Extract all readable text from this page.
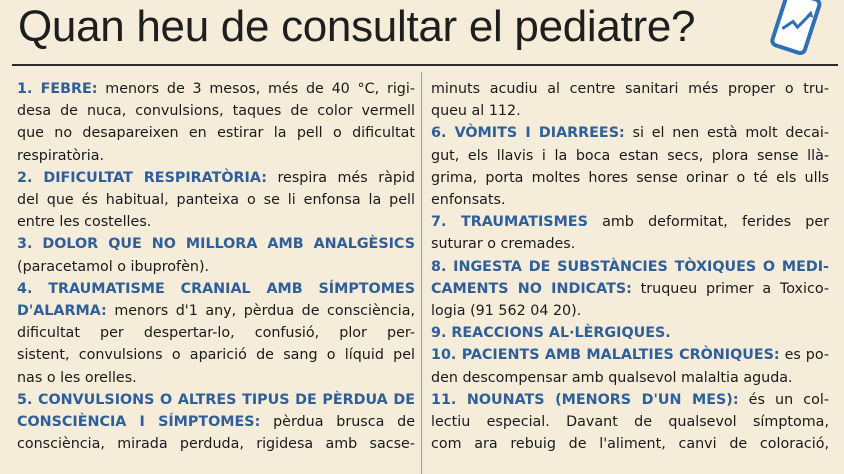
Quan heu de consultar el pediatre?
1. FEBRE: menors de 3 mesos, més de 40 °C, rigi-
desa de nuca, convulsions, taques de color vermell
que no desapareixen en estirar la pell o dificultat
respiratòria.
2. DIFICULTAT RESPIRATÒRIA: respira més ràpid
del que és habitual, panteixa o se li enfonsa la pell
entre les costelles.
3. DOLOR QUE NO MILLORA AMB ANALGÈSICS
(paracetamol o ibuprofèn).
4. TRAUMATISME CRANIAL AMB SÍMPTOMES
D'ALARMA: menors d'1 any, pèrdua de consciència,
dificultat per despertar-lo, confusió, plor per-
sistent, convulsions o aparició de sang o líquid pel
nas o les orelles.
5. CONVULSIONS O ALTRES TIPUS DE PÈRDUA DE
CONSCIÈNCIA I SÍMPTOMES: pèrdua brusca de
consciència, mirada perduda, rigidesa amb sacse-
minuts acudiu al centre sanitari més proper o tru-
queu al 112.
6. VÒMITS I DIARREES: si el nen està molt decai-
gut, els llavis i la boca estan secs, plora sense llà-
grima, porta moltes hores sense orinar o té els ulls
enfonsats.
7. TRAUMATISMES amb deformitat, ferides per
suturar o cremades.
8. INGESTA DE SUBSTÀNCIES TÒXIQUES O MEDI-
CAMENTS NO INDICATS: truqueu primer a Toxico-
logia (91 562 04 20).
9. REACCIONS AL·LÈRGIQUES.
10. PACIENTS AMB MALALTIES CRÒNIQUES: es po-
den descompensar amb qualsevol malaltia aguda.
11. NOUNATS (MENORS D'UN MES): és un col-
lectiu especial. Davant de qualsevol símptoma,
com ara rebuig de l'aliment, canvi de coloració,
